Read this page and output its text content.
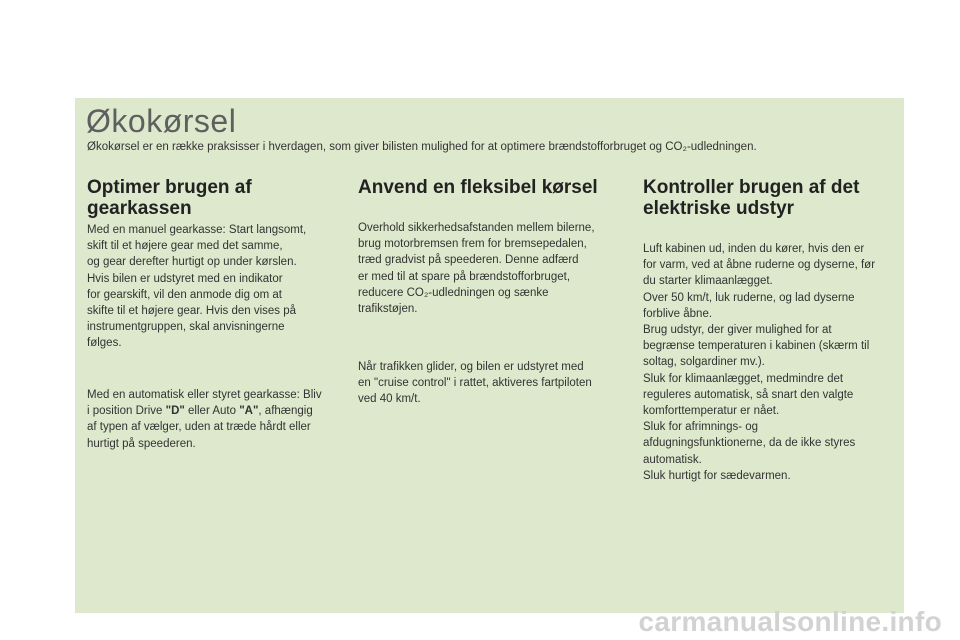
Økokørsel

Økokørsel er en række praksisser i hverdagen, som giver bilisten mulighed for at optimere brændstofforbruget og CO₂-udledningen.

Optimer brugen af
gearkassen

Med en manuel gearkasse: Start langsomt,
skift til et højere gear med det samme,
og gear derefter hurtigt op under kørslen.
Hvis bilen er udstyret med en indikator
for gearskift, vil den anmode dig om at
skifte til et højere gear. Hvis den vises på
instrumentgruppen, skal anvisningerne
følges.

Med en automatisk eller styret gearkasse: Bliv
i position Drive "D" eller Auto "A", afhængig
af typen af vælger, uden at træde hårdt eller
hurtigt på speederen.

Anvend en fleksibel kørsel

Overhold sikkerhedsafstanden mellem bilerne,
brug motorbremsen frem for bremsepedalen,
træd gradvist på speederen. Denne adfærd
er med til at spare på brændstofforbruget,
reducere CO₂-udledningen og sænke
trafikstøjen.

Når trafikken glider, og bilen er udstyret med
en "cruise control" i rattet, aktiveres fartpiloten
ved 40 km/t.

Kontroller brugen af det
elektriske udstyr

Luft kabinen ud, inden du kører, hvis den er
for varm, ved at åbne ruderne og dyserne, før
du starter klimaanlægget.
Over 50 km/t, luk ruderne, og lad dyserne
forblive åbne.
Brug udstyr, der giver mulighed for at
begrænse temperaturen i kabinen (skærm til
soltag, solgardiner mv.).
Sluk for klimaanlægget, medmindre det
reguleres automatisk, så snart den valgte
komforttemperatur er nået.
Sluk for afrimnings- og
afdugningsfunktionerne, da de ikke styres
automatisk.
Sluk hurtigt for sædevarmen.

carmanualsonline.info
